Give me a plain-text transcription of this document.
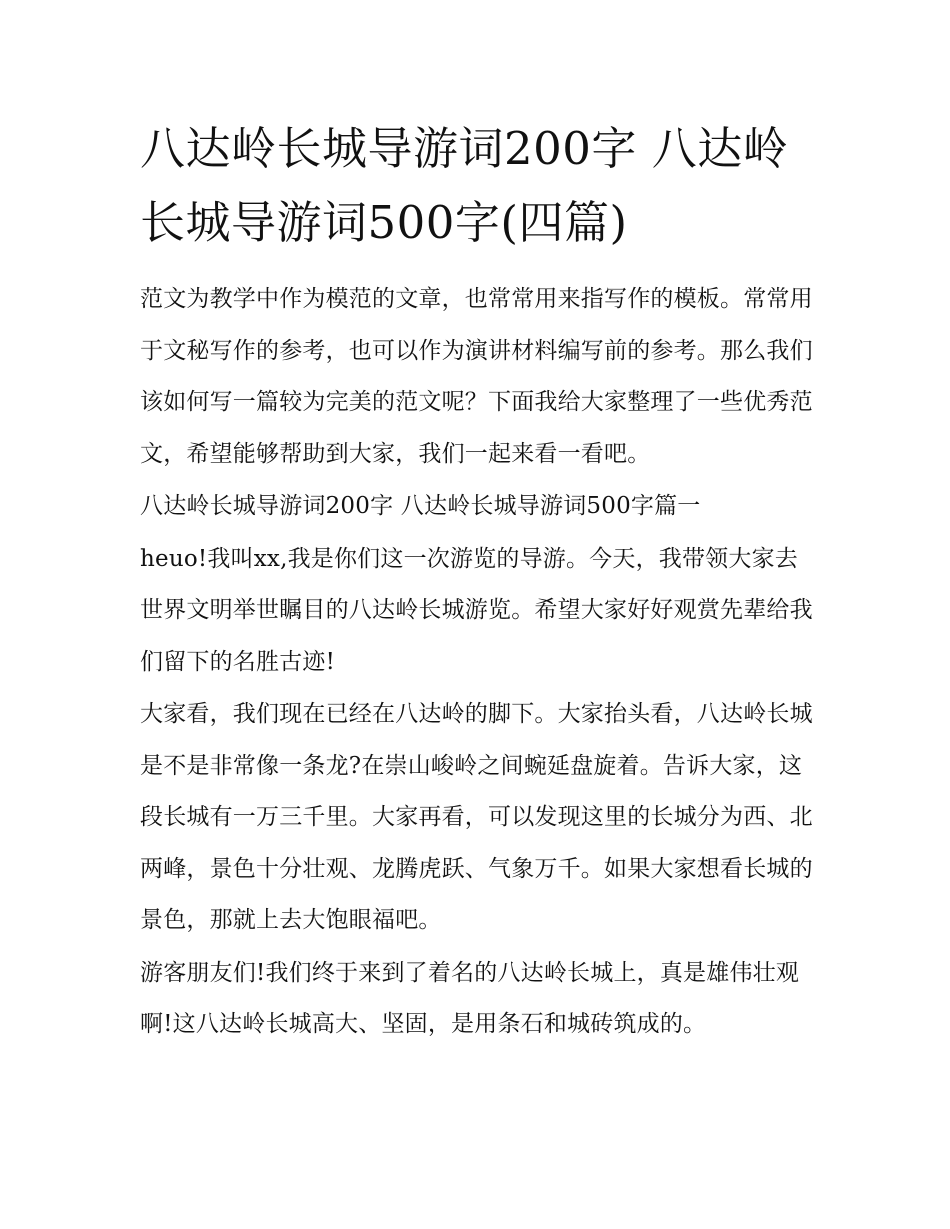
八达岭长城导游词200字 八达岭长城导游词500字(四篇)

范文为教学中作为模范的文章，也常常用来指写作的模板。常常用于文秘写作的参考，也可以作为演讲材料编写前的参考。那么我们该如何写一篇较为完美的范文呢？下面我给大家整理了一些优秀范文，希望能够帮助到大家，我们一起来看一看吧。

八达岭长城导游词200字 八达岭长城导游词500字篇一

heuo!我叫xx,我是你们这一次游览的导游。今天，我带领大家去世界文明举世瞩目的八达岭长城游览。希望大家好好观赏先辈给我们留下的名胜古迹!

大家看，我们现在已经在八达岭的脚下。大家抬头看，八达岭长城是不是非常像一条龙?在崇山峻岭之间蜿延盘旋着。告诉大家，这段长城有一万三千里。大家再看，可以发现这里的长城分为西、北两峰，景色十分壮观、龙腾虎跃、气象万千。如果大家想看长城的景色，那就上去大饱眼福吧。

游客朋友们!我们终于来到了着名的八达岭长城上，真是雄伟壮观啊!这八达岭长城高大、坚固，是用条石和城砖筑成的。
